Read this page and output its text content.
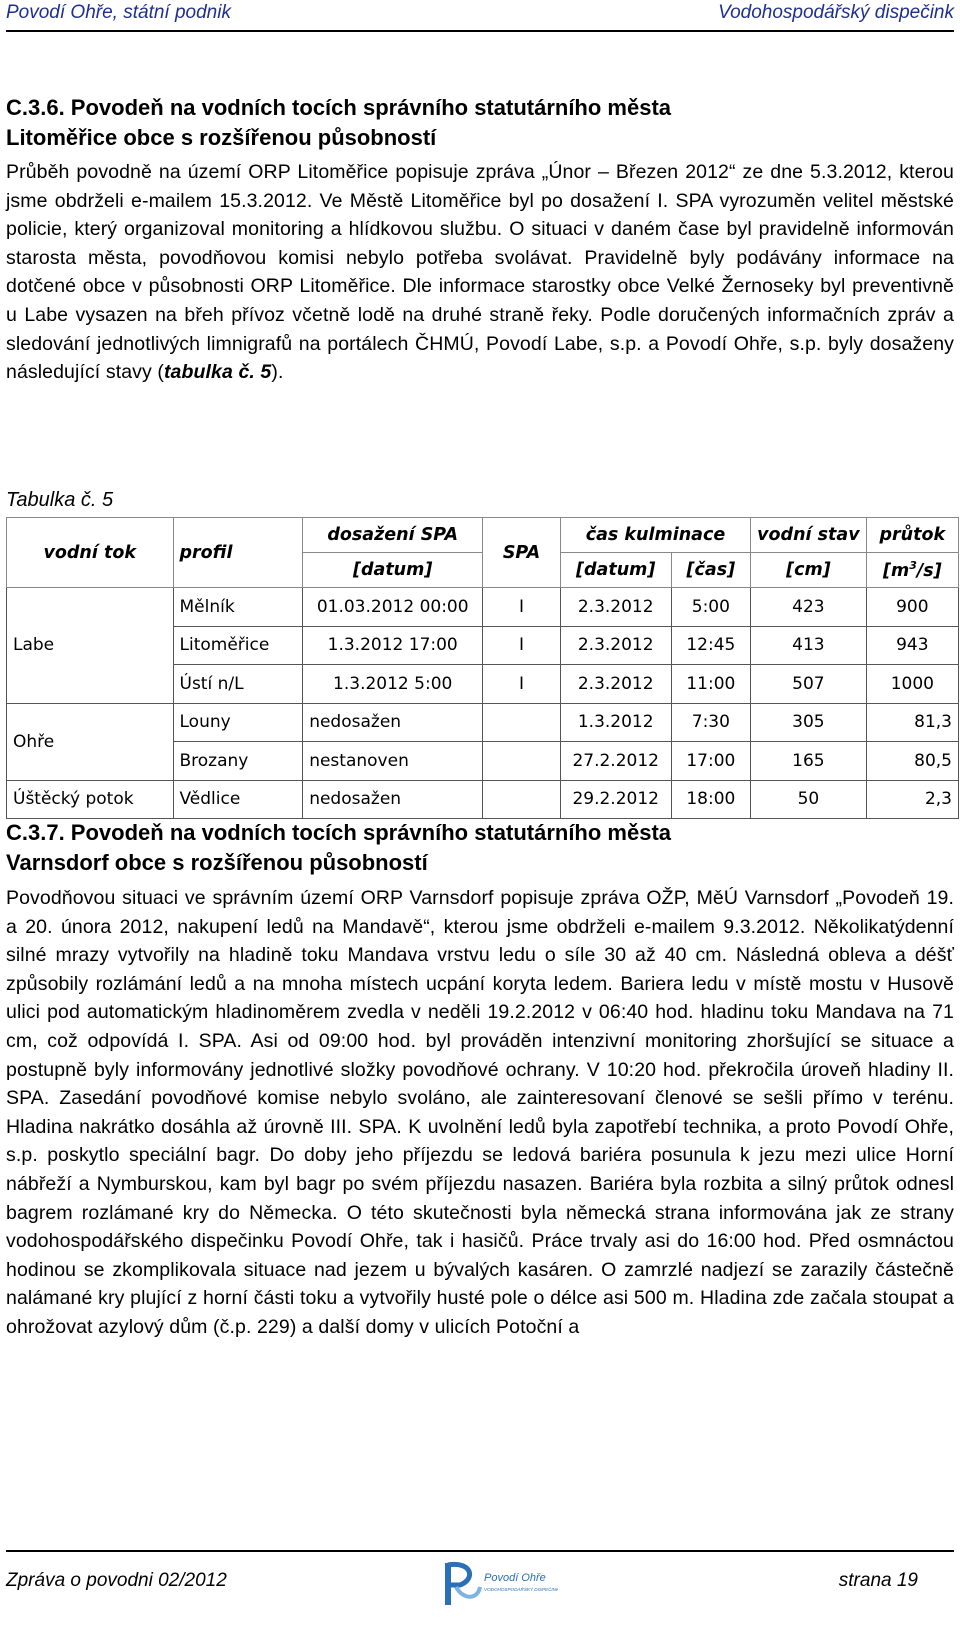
Povodí Ohře, státní podnik	Vodohospodářský dispečink
C.3.6. Povodeň na vodních tocích správního statutárního města
Litoměřice obce s rozšířenou působností
Průběh povodně na území ORP Litoměřice popisuje zpráva „Únor – Březen 2012“ ze dne 5.3.2012, kterou jsme obdrželi e-mailem 15.3.2012. Ve Městě Litoměřice byl po dosažení I. SPA vyrozuměn velitel městské policie, který organizoval monitoring a hlídkovou službu. O situaci v daném čase byl pravidelně informován starosta města, povodňovou komisi nebylo potřeba svolávat. Pravidelně byly podávány informace na dotčené obce v působnosti ORP Litoměřice. Dle informace starostky obce Velké Žernoseky byl preventivně u Labe vysazen na břeh přívoz včetně lodě na druhé straně řeky. Podle doručených informačních zpráv a sledování jednotlivých limnigrafů na portálech ČHMÚ, Povodí Labe, s.p. a Povodí Ohře, s.p. byly dosaženy následující stavy (tabulka č. 5).
Tabulka č. 5
vodní tok	profil	dosažení SPA	SPA	čas kulminace		vodní stav	průtok
		[datum]		[datum]	[čas]	[cm]	$[m^3/s]$
Labe	Mělník	01.03.2012 00:00	I	2.3.2012	5:00	423	900
	Litoměřice	1.3.2012 17:00	I	2.3.2012	12:45	413	943
	Ústí n/L	1.3.2012 5:00	I	2.3.2012	11:00	507	1000
Ohře	Louny	nedosažen		1.3.2012	7:30	305	81,3
	Brozany	nestanoven		27.2.2012	17:00	165	80,5
Úštěcký potok	Vědlice	nedosažen		29.2.2012	18:00	50	2,3
C.3.7. Povodeň na vodních tocích správního statutárního města
Varnsdorf obce s rozšířenou působností
Povodňovou situaci ve správním území ORP Varnsdorf popisuje zpráva OŽP, MěÚ Varnsdorf „Povodeň 19. a 20. února 2012, nakupení ledů na Mandavě“, kterou jsme obdrželi e-mailem 9.3.2012. Několikatýdenní silné mrazy vytvořily na hladině toku Mandava vrstvu ledu o síle 30 až 40 cm. Následná obleva a déšť způsobily rozlámání ledů a na mnoha místech ucpání koryta ledem. Bariera ledu v místě mostu v Husově ulici pod automatickým hladinoměrem zvedla v neděli 19.2.2012 v 06:40 hod. hladinu toku Mandava na 71 cm, což odpovídá I. SPA. Asi od 09:00 hod. byl prováděn intenzivní monitoring zhoršující se situace a postupně byly informovány jednotlivé složky povodňové ochrany. V 10:20 hod. překročila úroveň hladiny II. SPA. Zasedání povodňové komise nebylo svoláno, ale zainteresovaní členové se sešli přímo v terénu. Hladina nakrátko dosáhla až úrovně III. SPA. K uvolnění ledů byla zapotřebí technika, a proto Povodí Ohře, s.p. poskytlo speciální bagr. Do doby jeho příjezdu se ledová bariéra posunula k jezu mezi ulice Horní nábřeží a Nymburskou, kam byl bagr po svém příjezdu nasazen. Bariéra byla rozbita a silný průtok odnesl bagrem rozlámané kry do Německa. O této skutečnosti byla německá strana informována jak ze strany vodohospodářského dispečinku Povodí Ohře, tak i hasičů. Práce trvaly asi do 16:00 hod. Před osmnáctou hodinou se zkomplikovala situace nad jezem u bývalých kasáren. O zamrzlé nadjezí se zarazily částečně nalámané kry plující z horní části toku a vytvořily husté pole o délce asi 500 m. Hladina zde začala stoupat a ohrožovat azylový dům (č.p. 229) a další domy v ulicích Potoční a
Zpráva o povodni 02/2012	Povodí Ohře
VODOHOSPODÁŘSKÝ DISPEČINK	strana 19
